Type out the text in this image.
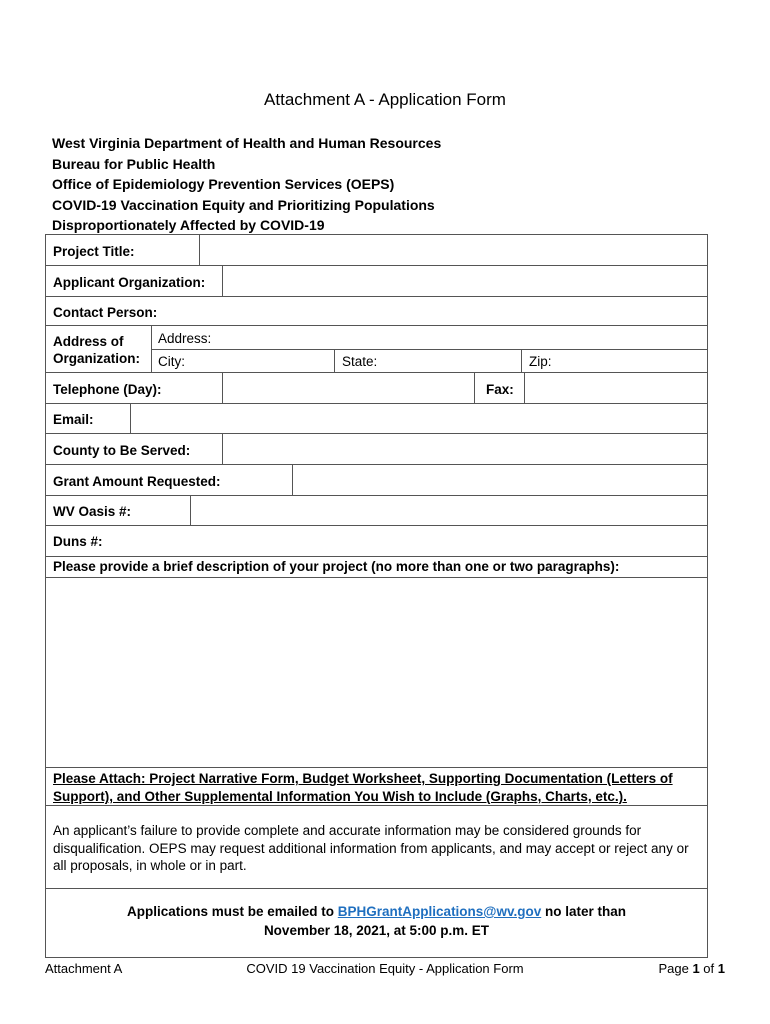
Attachment A - Application Form
West Virginia Department of Health and Human Resources
Bureau for Public Health
Office of Epidemiology Prevention Services (OEPS)
COVID-19 Vaccination Equity and Prioritizing Populations
Disproportionately Affected by COVID-19
Project Title:
Applicant Organization:
Contact Person:
Address of
Organization:
Address:
City:	State:	Zip:
Telephone (Day):	Fax:
Email:
County to Be Served:
Grant Amount Requested:
WV Oasis #:
Duns #:
Please provide a brief description of your project (no more than one or two paragraphs):
Please Attach: Project Narrative Form, Budget Worksheet, Supporting Documentation (Letters of Support), and Other Supplemental Information You Wish to Include (Graphs, Charts, etc.).
An applicant’s failure to provide complete and accurate information may be considered grounds for disqualification. OEPS may request additional information from applicants, and may accept or reject any or all proposals, in whole or in part.
Applications must be emailed to BPHGrantApplications@wv.gov no later than
November 18, 2021, at 5:00 p.m. ET
Attachment A	COVID 19 Vaccination Equity - Application Form	Page 1 of 1
